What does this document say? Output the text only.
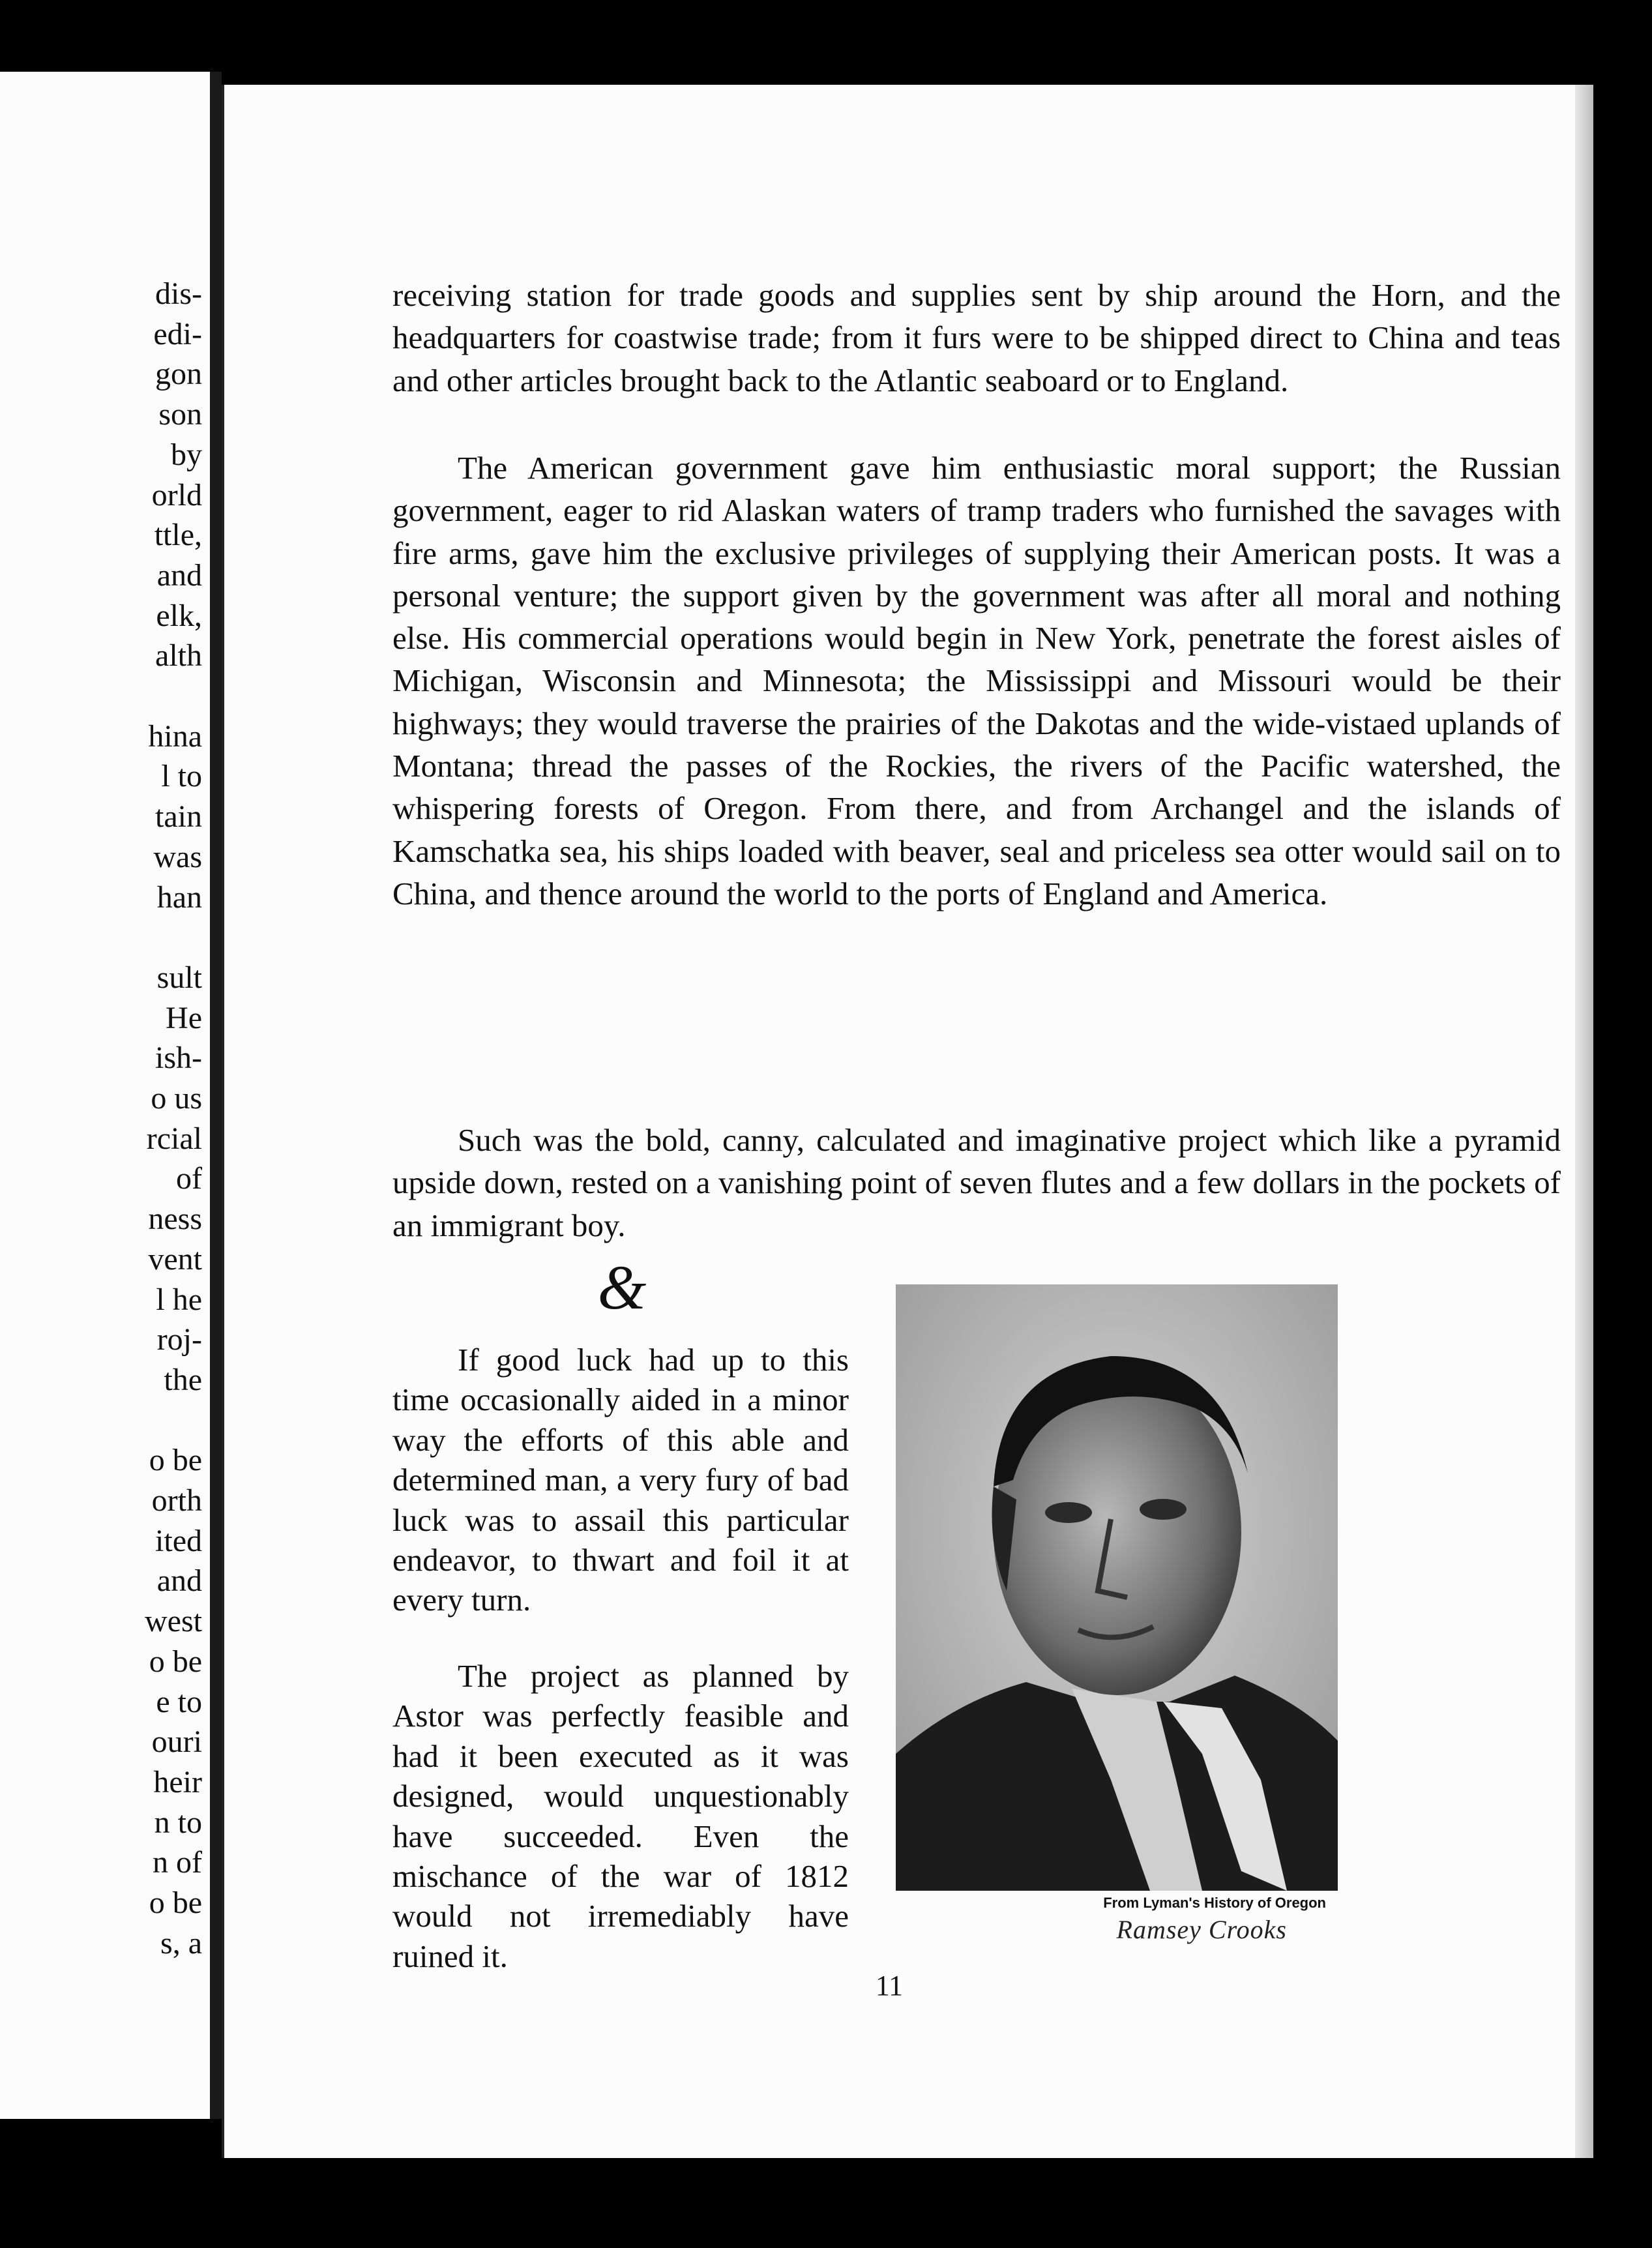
dis-
edi-
gon
son
by
orld
ttle,
and
elk,
alth
hina
l to
tain
was
han
sult
He
ish-
o us
rcial
of
ness
vent
l he
roj-
the
o be
orth
ited
and
west
o be
e to
ouri
heir
n to
n of
o be
s, a

receiving station for trade goods and supplies sent by ship around the Horn, and the headquarters for coastwise trade; from it furs were to be shipped direct to China and teas and other articles brought back to the Atlantic seaboard or to England.

The American government gave him enthusiastic moral support; the Russian government, eager to rid Alaskan waters of tramp traders who furnished the savages with fire arms, gave him the exclusive privileges of supplying their American posts. It was a personal venture; the support given by the government was after all moral and nothing else. His commercial operations would begin in New York, penetrate the forest aisles of Michigan, Wisconsin and Minnesota; the Mississippi and Missouri would be their highways; they would traverse the prairies of the Dakotas and the wide-vistaed uplands of Montana; thread the passes of the Rockies, the rivers of the Pacific watershed, the whispering forests of Oregon. From there, and from Archangel and the islands of Kamschatka sea, his ships loaded with beaver, seal and priceless sea otter would sail on to China, and thence around the world to the ports of England and America.

Such was the bold, canny, calculated and imaginative project which like a pyramid upside down, rested on a vanishing point of seven flutes and a few dollars in the pockets of an immigrant boy.

&

If good luck had up to this time occasionally aided in a minor way the efforts of this able and determined man, a very fury of bad luck was to assail this particular endeavor, to thwart and foil it at every turn.

The project as planned by Astor was perfectly feasible and had it been executed as it was designed, would unquestionably have succeeded. Even the mischance of the war of 1812 would not irremediably have ruined it.

From Lyman's History of Oregon
Ramsey Crooks
11
